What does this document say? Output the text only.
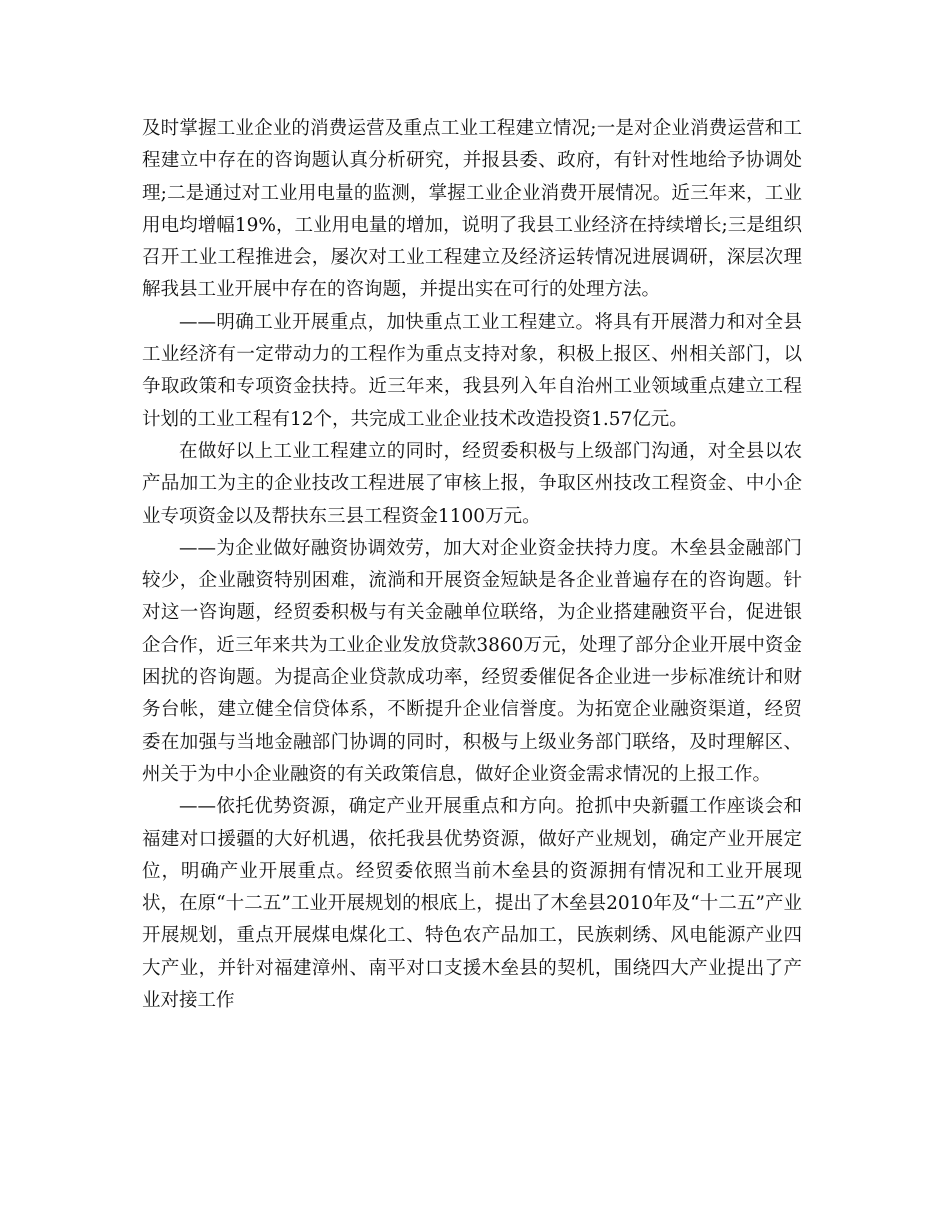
及时掌握工业企业的消费运营及重点工业工程建立情况;一是对企业消费运营和工程建立中存在的咨询题认真分析研究，并报县委、政府，有针对性地给予协调处理;二是通过对工业用电量的监测，掌握工业企业消费开展情况。近三年来，工业用电均增幅19%，工业用电量的增加，说明了我县工业经济在持续增长;三是组织召开工业工程推进会，屡次对工业工程建立及经济运转情况进展调研，深层次理解我县工业开展中存在的咨询题，并提出实在可行的处理方法。

——明确工业开展重点，加快重点工业工程建立。将具有开展潜力和对全县工业经济有一定带动力的工程作为重点支持对象，积极上报区、州相关部门，以争取政策和专项资金扶持。近三年来，我县列入年自治州工业领域重点建立工程计划的工业工程有12个，共完成工业企业技术改造投资1.57亿元。

在做好以上工业工程建立的同时，经贸委积极与上级部门沟通，对全县以农产品加工为主的企业技改工程进展了审核上报，争取区州技改工程资金、中小企业专项资金以及帮扶东三县工程资金1100万元。

——为企业做好融资协调效劳，加大对企业资金扶持力度。木垒县金融部门较少，企业融资特别困难，流淌和开展资金短缺是各企业普遍存在的咨询题。针对这一咨询题，经贸委积极与有关金融单位联络，为企业搭建融资平台，促进银企合作，近三年来共为工业企业发放贷款3860万元，处理了部分企业开展中资金困扰的咨询题。为提高企业贷款成功率，经贸委催促各企业进一步标准统计和财务台帐，建立健全信贷体系，不断提升企业信誉度。为拓宽企业融资渠道，经贸委在加强与当地金融部门协调的同时，积极与上级业务部门联络，及时理解区、州关于为中小企业融资的有关政策信息，做好企业资金需求情况的上报工作。

——依托优势资源，确定产业开展重点和方向。抢抓中央新疆工作座谈会和福建对口援疆的大好机遇，依托我县优势资源，做好产业规划，确定产业开展定位，明确产业开展重点。经贸委依照当前木垒县的资源拥有情况和工业开展现状，在原“十二五”工业开展规划的根底上，提出了木垒县2010年及“十二五”产业开展规划，重点开展煤电煤化工、特色农产品加工，民族刺绣、风电能源产业四大产业，并针对福建漳州、南平对口支援木垒县的契机，围绕四大产业提出了产业对接工作
